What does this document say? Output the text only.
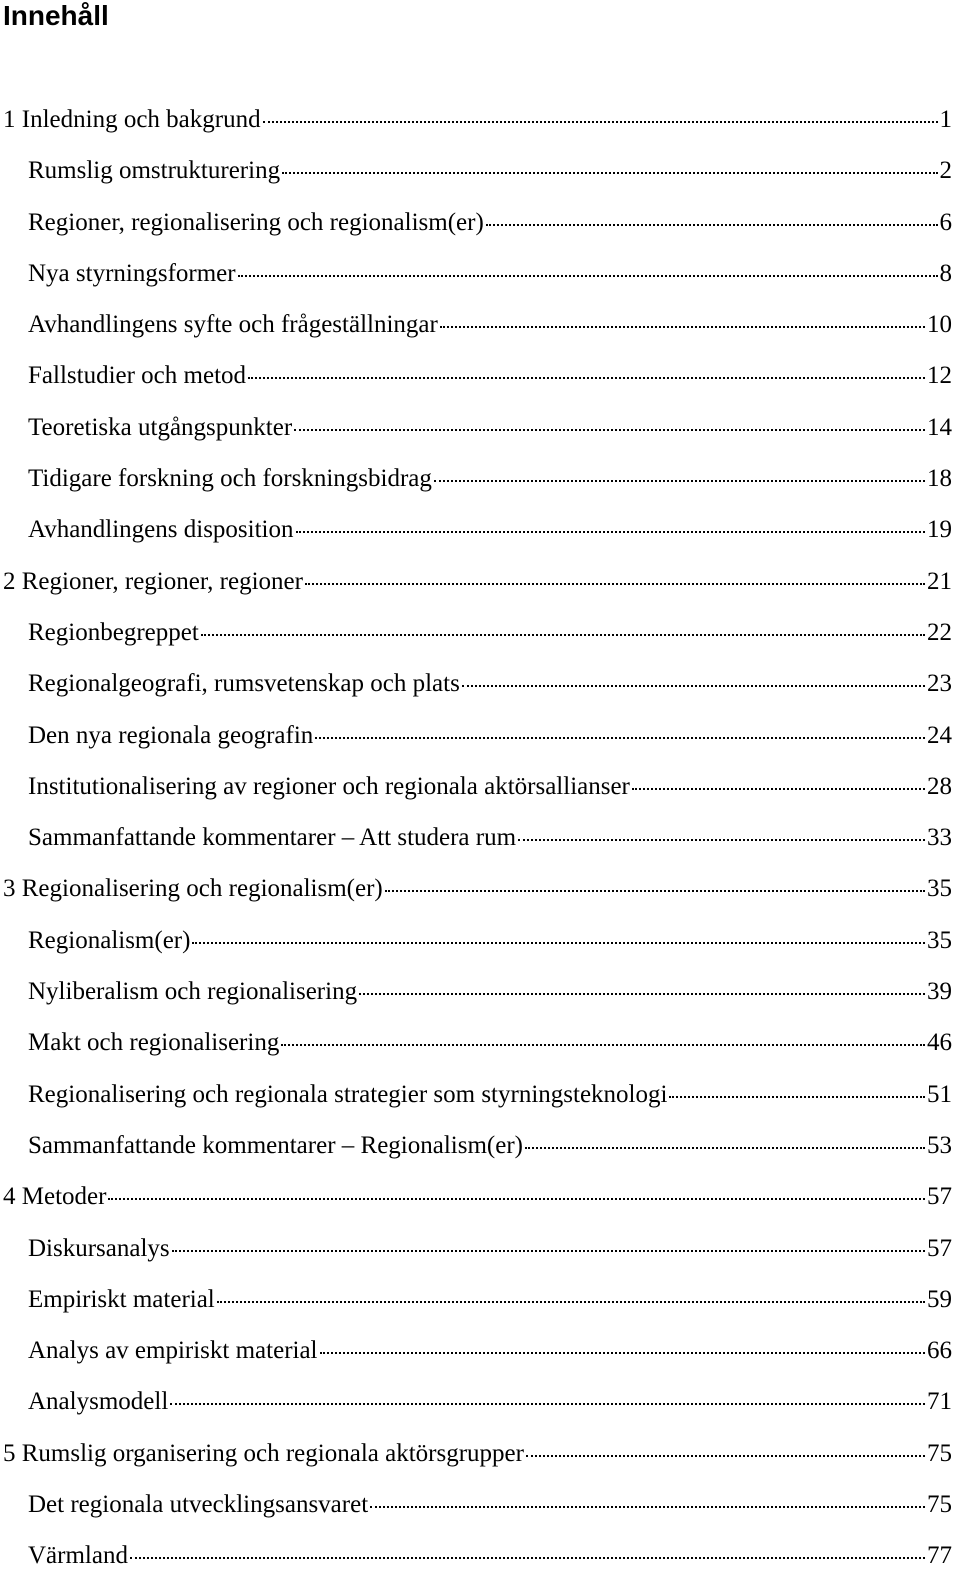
Innehåll
1 Inledning och bakgrund	1
Rumslig omstrukturering	2
Regioner, regionalisering och regionalism(er)	6
Nya styrningsformer	8
Avhandlingens syfte och frågeställningar	10
Fallstudier och metod	12
Teoretiska utgångspunkter	14
Tidigare forskning och forskningsbidrag	18
Avhandlingens disposition	19
2 Regioner, regioner, regioner	21
Regionbegreppet	22
Regionalgeografi, rumsvetenskap och plats	23
Den nya regionala geografin	24
Institutionalisering av regioner och regionala aktörsallianser	28
Sammanfattande kommentarer – Att studera rum	33
3 Regionalisering och regionalism(er)	35
Regionalism(er)	35
Nyliberalism och regionalisering	39
Makt och regionalisering	46
Regionalisering och regionala strategier som styrningsteknologi	51
Sammanfattande kommentarer – Regionalism(er)	53
4 Metoder	57
Diskursanalys	57
Empiriskt material	59
Analys av empiriskt material	66
Analysmodell	71
5 Rumslig organisering och regionala aktörsgrupper	75
Det regionala utvecklingsansvaret	75
Värmland	77
